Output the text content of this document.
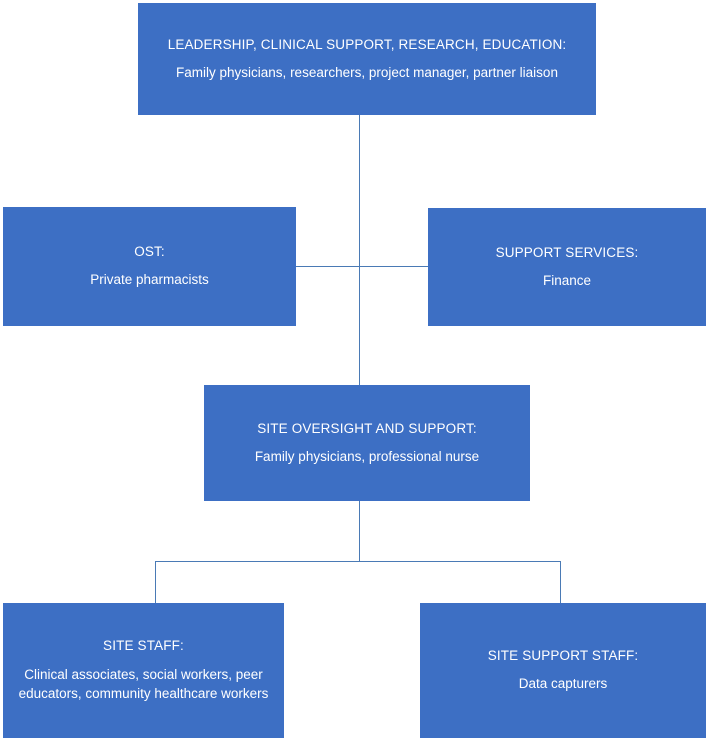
LEADERSHIP, CLINICAL SUPPORT, RESEARCH, EDUCATION:
Family physicians, researchers, project manager, partner liaison
OST:
Private pharmacists
SUPPORT SERVICES:
Finance
SITE OVERSIGHT AND SUPPORT:
Family physicians, professional nurse
SITE STAFF:
Clinical associates, social workers, peer educators, community healthcare workers
SITE SUPPORT STAFF:
Data capturers
